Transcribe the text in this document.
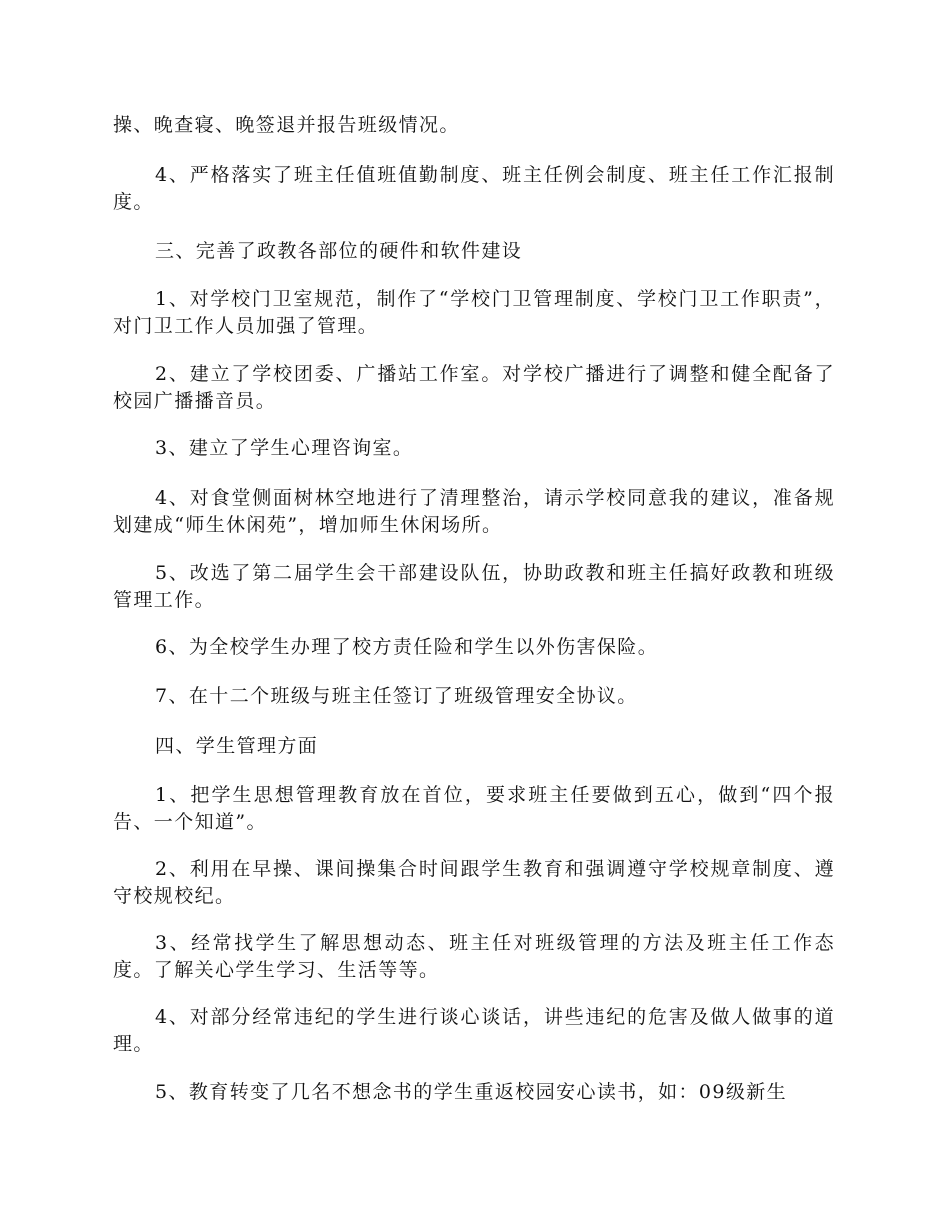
操、晚查寝、晚签退并报告班级情况。

4、严格落实了班主任值班值勤制度、班主任例会制度、班主任工作汇报制度。

三、完善了政教各部位的硬件和软件建设

1、对学校门卫室规范，制作了“学校门卫管理制度、学校门卫工作职责”，对门卫工作人员加强了管理。

2、建立了学校团委、广播站工作室。对学校广播进行了调整和健全配备了校园广播播音员。

3、建立了学生心理咨询室。

4、对食堂侧面树林空地进行了清理整治，请示学校同意我的建议，准备规划建成“师生休闲苑”，增加师生休闲场所。

5、改选了第二届学生会干部建设队伍，协助政教和班主任搞好政教和班级管理工作。

6、为全校学生办理了校方责任险和学生以外伤害保险。

7、在十二个班级与班主任签订了班级管理安全协议。

四、学生管理方面

1、把学生思想管理教育放在首位，要求班主任要做到五心，做到“四个报告、一个知道”。

2、利用在早操、课间操集合时间跟学生教育和强调遵守学校规章制度、遵守校规校纪。

3、经常找学生了解思想动态、班主任对班级管理的方法及班主任工作态度。了解关心学生学习、生活等等。

4、对部分经常违纪的学生进行谈心谈话，讲些违纪的危害及做人做事的道理。

5、教育转变了几名不想念书的学生重返校园安心读书，如：09级新生
